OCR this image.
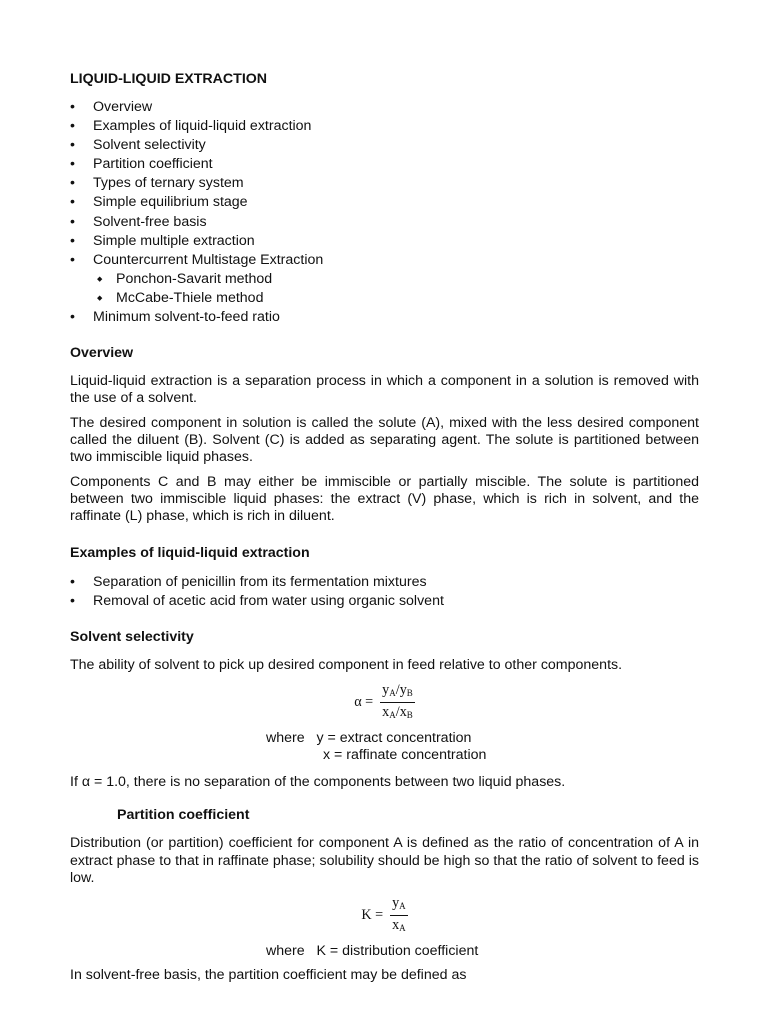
LIQUID-LIQUID EXTRACTION
• Overview
• Examples of liquid-liquid extraction
• Solvent selectivity
• Partition coefficient
• Types of ternary system
• Simple equilibrium stage
• Solvent-free basis
• Simple multiple extraction
• Countercurrent Multistage Extraction
◆ Ponchon-Savarit method
◆ McCabe-Thiele method
• Minimum solvent-to-feed ratio
Overview

Liquid-liquid extraction is a separation process in which a component in a solution is removed with the use of a solvent.

The desired component in solution is called the solute (A), mixed with the less desired component called the diluent (B). Solvent (C) is added as separating agent. The solute is partitioned between two immiscible liquid phases.

Components C and B may either be immiscible or partially miscible. The solute is partitioned between two immiscible liquid phases: the extract (V) phase, which is rich in solvent, and the raffinate (L) phase, which is rich in diluent.

Examples of liquid-liquid extraction
• Separation of penicillin from its fermentation mixtures
• Removal of acetic acid from water using organic solvent
Solvent selectivity

The ability of solvent to pick up desired component in feed relative to other components.

$\alpha = \frac{y_A/y_B}{x_A/x_B}$
where y = extract concentration
x = raffinate concentration

If α = 1.0, there is no separation of the components between two liquid phases.

Partition coefficient

Distribution (or partition) coefficient for component A is defined as the ratio of concentration of A in extract phase to that in raffinate phase; solubility should be high so that the ratio of solvent to feed is low.

$K = \frac{y_A}{x_A}$
where K = distribution coefficient

In solvent-free basis, the partition coefficient may be defined as
